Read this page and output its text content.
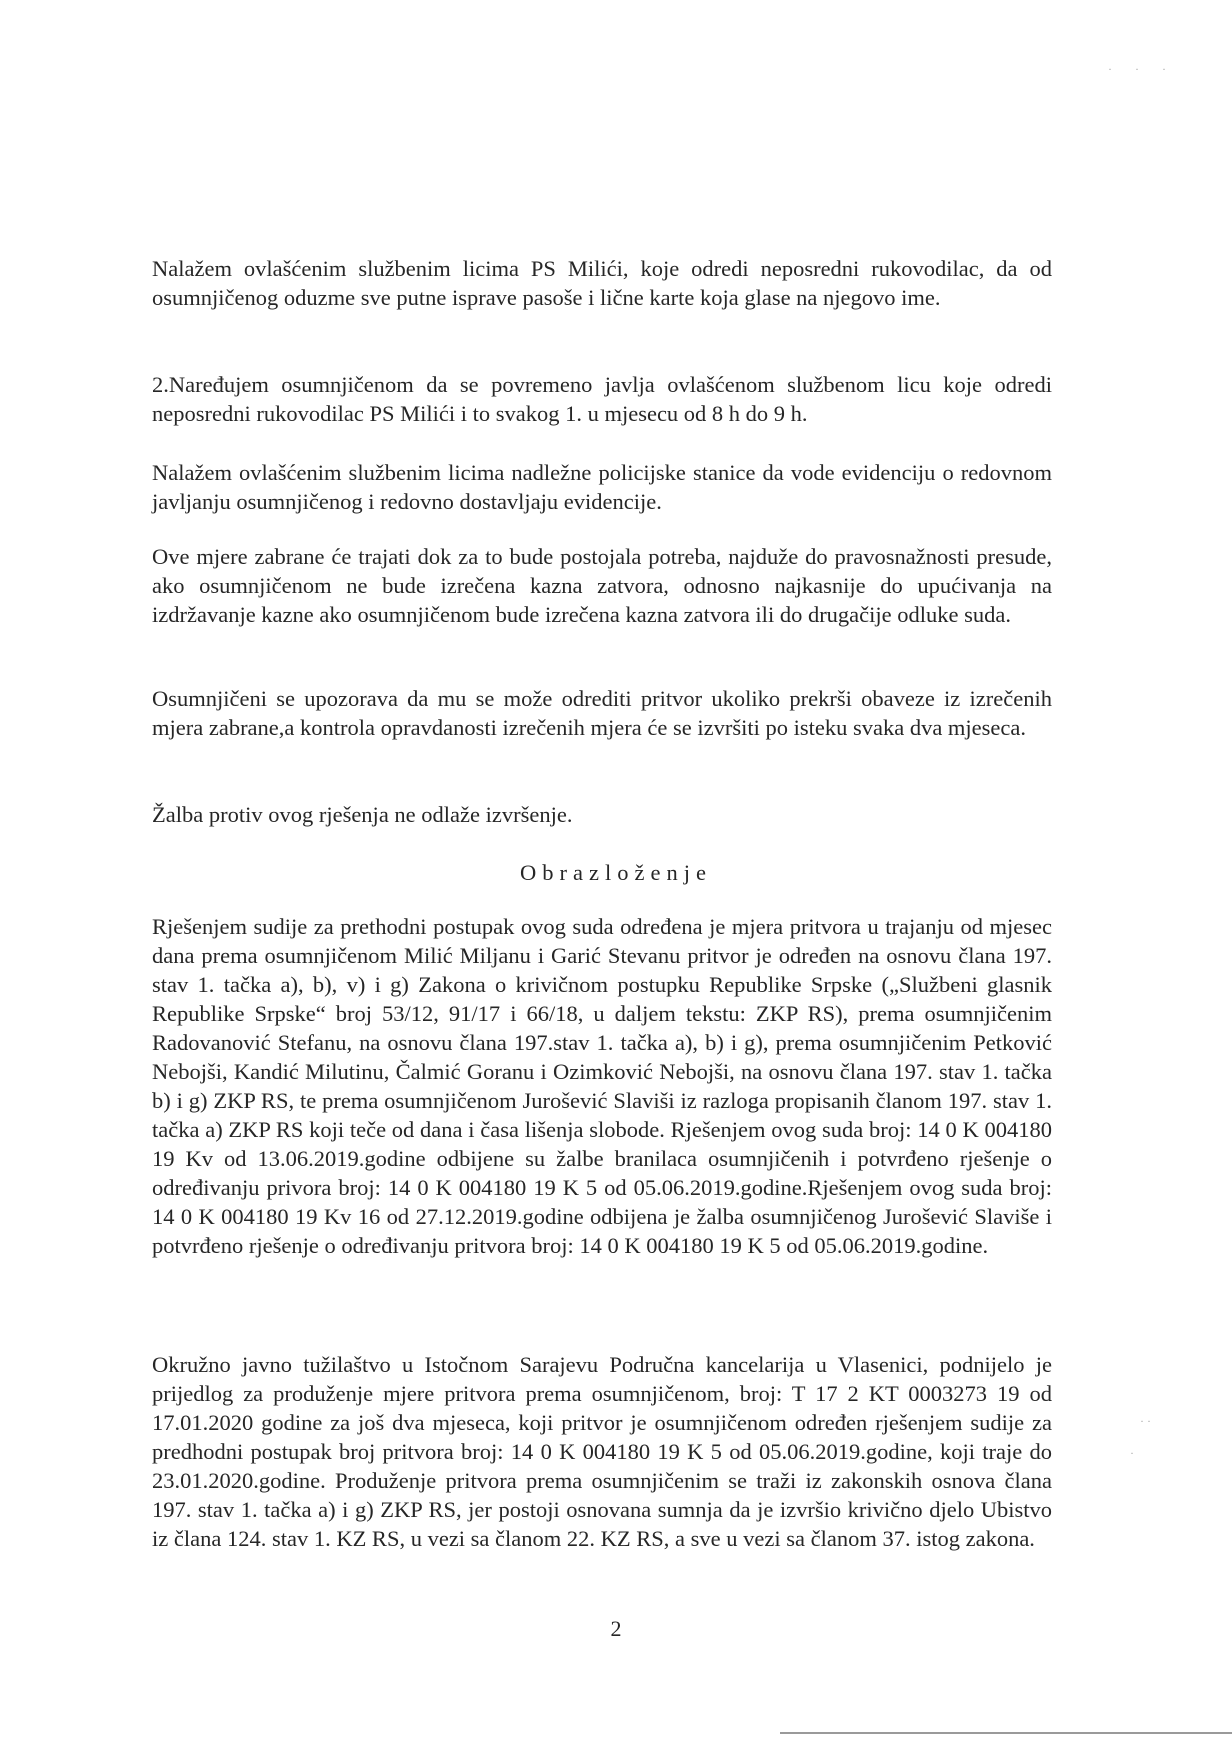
· · ·
· ·
·

Nalažem ovlašćenim službenim licima PS Milići, koje odredi neposredni rukovodilac, da od osumnjičenog oduzme sve putne isprave pasoše i lične karte koja glase na njegovo ime.

2.Naređujem osumnjičenom da se povremeno javlja ovlašćenom službenom licu koje odredi neposredni rukovodilac PS Milići i to svakog 1. u mjesecu od 8 h do 9 h.

Nalažem ovlašćenim službenim licima nadležne policijske stanice da vode evidenciju o redovnom javljanju osumnjičenog i redovno dostavljaju evidencije.

Ove mjere zabrane će trajati dok za to bude postojala potreba, najduže do pravosnažnosti presude, ako osumnjičenom ne bude izrečena kazna zatvora, odnosno najkasnije do upućivanja na izdržavanje kazne ako osumnjičenom bude izrečena kazna zatvora ili do drugačije odluke suda.

Osumnjičeni se upozorava da mu se može odrediti pritvor ukoliko prekrši obaveze iz izrečenih mjera zabrane,a kontrola opravdanosti izrečenih mjera će se izvršiti po isteku svaka dva mjeseca.

Žalba protiv ovog rješenja ne odlaže izvršenje.

Obrazloženje

Rješenjem sudije za prethodni postupak ovog suda određena je mjera pritvora u trajanju od mjesec dana prema osumnjičenom Milić Miljanu i Garić Stevanu pritvor je određen na osnovu člana 197. stav 1. tačka a), b), v) i g) Zakona o krivičnom postupku Republike Srpske („Službeni glasnik Republike Srpske“ broj 53/12, 91/17 i 66/18, u daljem tekstu: ZKP RS), prema osumnjičenim Radovanović Stefanu, na osnovu člana 197.stav 1. tačka a), b) i g), prema osumnjičenim Petković Nebojši, Kandić Milutinu, Čalmić Goranu i Ozimković Nebojši, na osnovu člana 197. stav 1. tačka b) i g) ZKP RS, te prema osumnjičenom Jurošević Slaviši iz razloga propisanih članom 197. stav 1. tačka a) ZKP RS koji teče od dana i časa lišenja slobode. Rješenjem ovog suda broj: 14 0 K 004180 19 Kv od 13.06.2019.godine odbijene su žalbe branilaca osumnjičenih i potvrđeno rješenje o određivanju privora broj: 14 0 K 004180 19 K 5 od 05.06.2019.godine.Rješenjem ovog suda broj: 14 0 K 004180 19 Kv 16 od 27.12.2019.godine odbijena je žalba osumnjičenog Jurošević Slaviše i potvrđeno rješenje o određivanju pritvora broj: 14 0 K 004180 19 K 5 od 05.06.2019.godine.

Okružno javno tužilaštvo u Istočnom Sarajevu Područna kancelarija u Vlasenici, podnijelo je prijedlog za produženje mjere pritvora prema osumnjičenom, broj: T 17 2 KT 0003273 19 od 17.01.2020 godine za još dva mjeseca, koji pritvor je osumnjičenom određen rješenjem sudije za predhodni postupak broj pritvora broj: 14 0 K 004180 19 K 5 od 05.06.2019.godine, koji traje do 23.01.2020.godine. Produženje pritvora prema osumnjičenim se traži iz zakonskih osnova člana 197. stav 1. tačka a) i g) ZKP RS, jer postoji osnovana sumnja da je izvršio krivično djelo Ubistvo iz člana 124. stav 1. KZ RS, u vezi sa članom 22. KZ RS, a sve u vezi sa članom 37. istog zakona.

2
